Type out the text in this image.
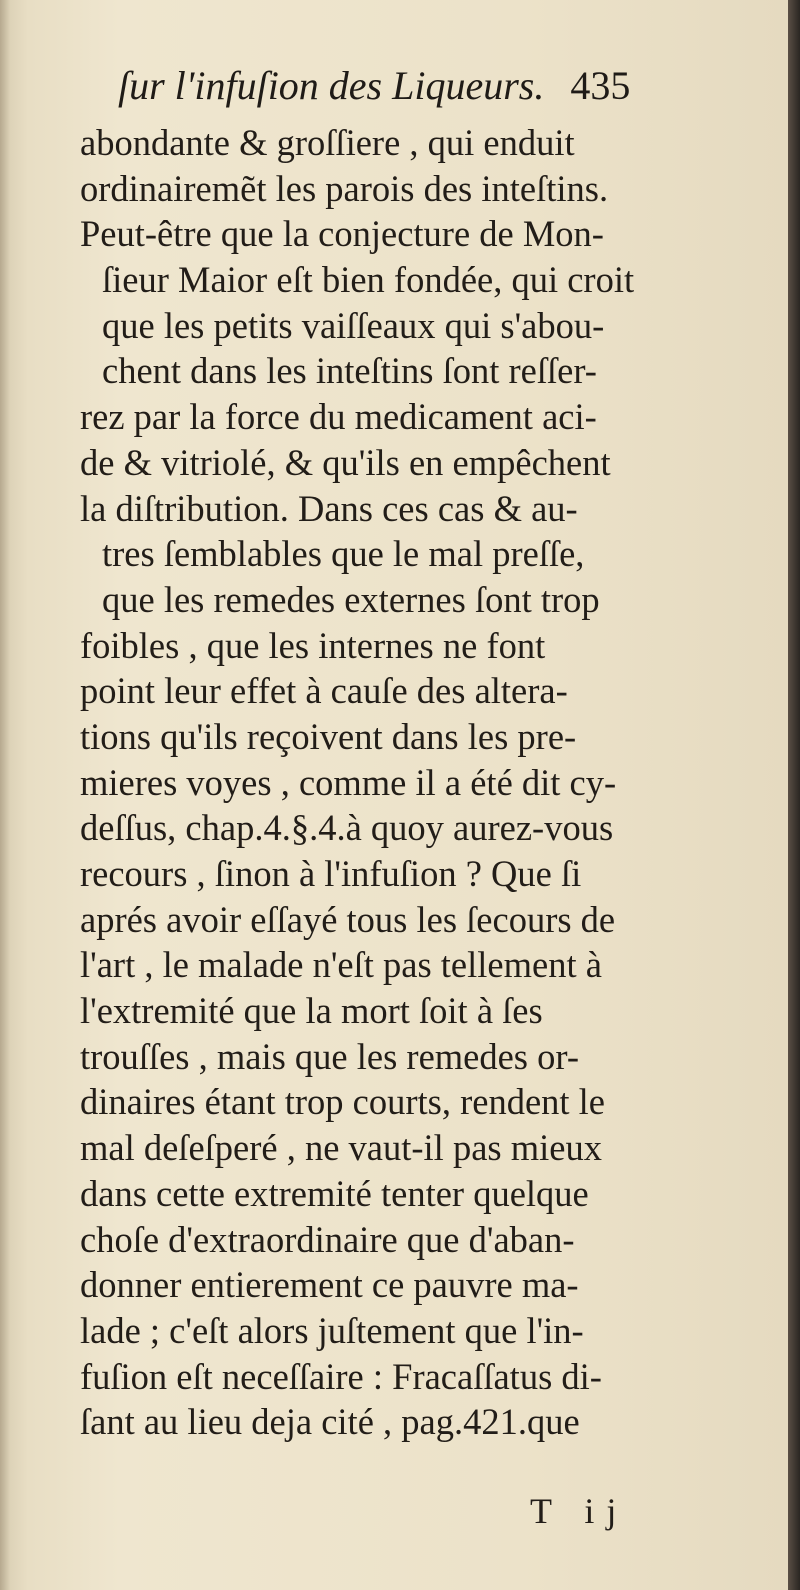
ſur l'infuſion des Liqueurs. 435
abondante & groſſiere , qui enduit
ordinairemẽt les parois des inteſtins.
Peut-être que la conjecture de Mon-
ſieur Maior eſt bien fondée, qui croit
que les petits vaiſſeaux qui s'abou-
chent dans les inteſtins ſont reſſer-
rez par la force du medicament aci-
de & vitriolé, & qu'ils en empêchent
la diſtribution. Dans ces cas & au-
tres ſemblables que le mal preſſe,
que les remedes externes ſont trop
foibles , que les internes ne font
point leur effet à cauſe des altera-
tions qu'ils reçoivent dans les pre-
mieres voyes , comme il a été dit cy-
deſſus, chap.4.§.4.à quoy aurez-vous
recours , ſinon à l'infuſion ? Que ſi
aprés avoir eſſayé tous les ſecours de
l'art , le malade n'eſt pas tellement à
l'extremité que la mort ſoit à ſes
trouſſes , mais que les remedes or-
dinaires étant trop courts, rendent le
mal deſeſperé , ne vaut-il pas mieux
dans cette extremité tenter quelque
choſe d'extraordinaire que d'aban-
donner entierement ce pauvre ma-
lade ; c'eſt alors juſtement que l'in-
fuſion eſt neceſſaire : Fracaſſatus di-
ſant au lieu deja cité , pag.421.que
T ij
